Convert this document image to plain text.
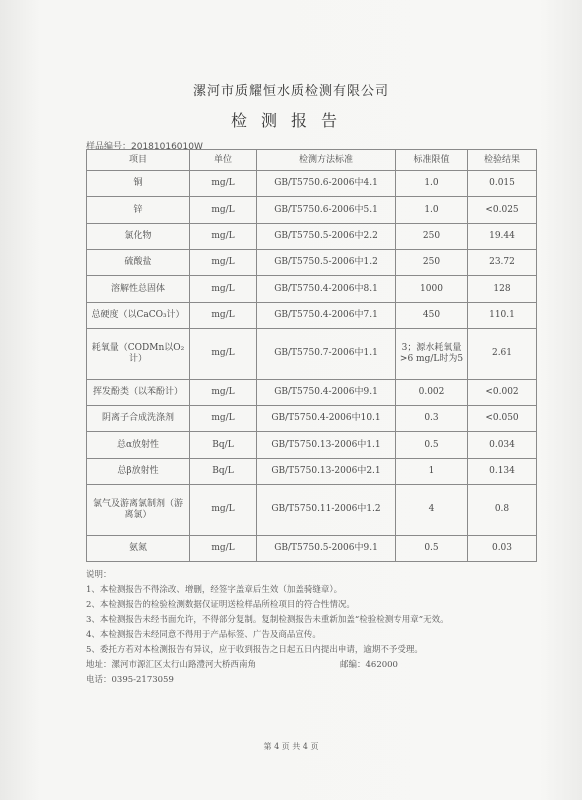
漯河市质耀恒水质检测有限公司
检测报告
样品编号：20181016010W
项目	单位	检测方法标准	标准限值	检验结果
铜	mg/L	GB/T5750.6-2006中4.1	1.0	0.015
锌	mg/L	GB/T5750.6-2006中5.1	1.0	<0.025
氯化物	mg/L	GB/T5750.5-2006中2.2	250	19.44
硫酸盐	mg/L	GB/T5750.5-2006中1.2	250	23.72
溶解性总固体	mg/L	GB/T5750.4-2006中8.1	1000	128
总硬度（以CaCO₃计）	mg/L	GB/T5750.4-2006中7.1	450	110.1
耗氧量（CODMn以O₂计）	mg/L	GB/T5750.7-2006中1.1	3；源水耗氧量>6 mg/L时为5	2.61
挥发酚类（以苯酚计）	mg/L	GB/T5750.4-2006中9.1	0.002	<0.002
阴离子合成洗涤剂	mg/L	GB/T5750.4-2006中10.1	0.3	<0.050
总α放射性	Bq/L	GB/T5750.13-2006中1.1	0.5	0.034
总β放射性	Bq/L	GB/T5750.13-2006中2.1	1	0.134
氯气及游离氯制剂（游离氯）	mg/L	GB/T5750.11-2006中1.2	4	0.8
氨氮	mg/L	GB/T5750.5-2006中9.1	0.5	0.03
说明：
1、本检测报告不得涂改、增删，经签字盖章后生效（加盖骑缝章）。
2、本检测报告的检验检测数据仅证明送检样品所检项目的符合性情况。
3、本检测报告未经书面允许，不得部分复制。复制检测报告未重新加盖“检验检测专用章”无效。
4、本检测报告未经同意不得用于产品标签、广告及商品宣传。
5、委托方若对本检测报告有异议，应于收到报告之日起五日内提出申请，逾期不予受理。
地址：漯河市源汇区太行山路澧河大桥西南角	邮编：462000
电话：0395-2173059
第 4 页 共 4 页
